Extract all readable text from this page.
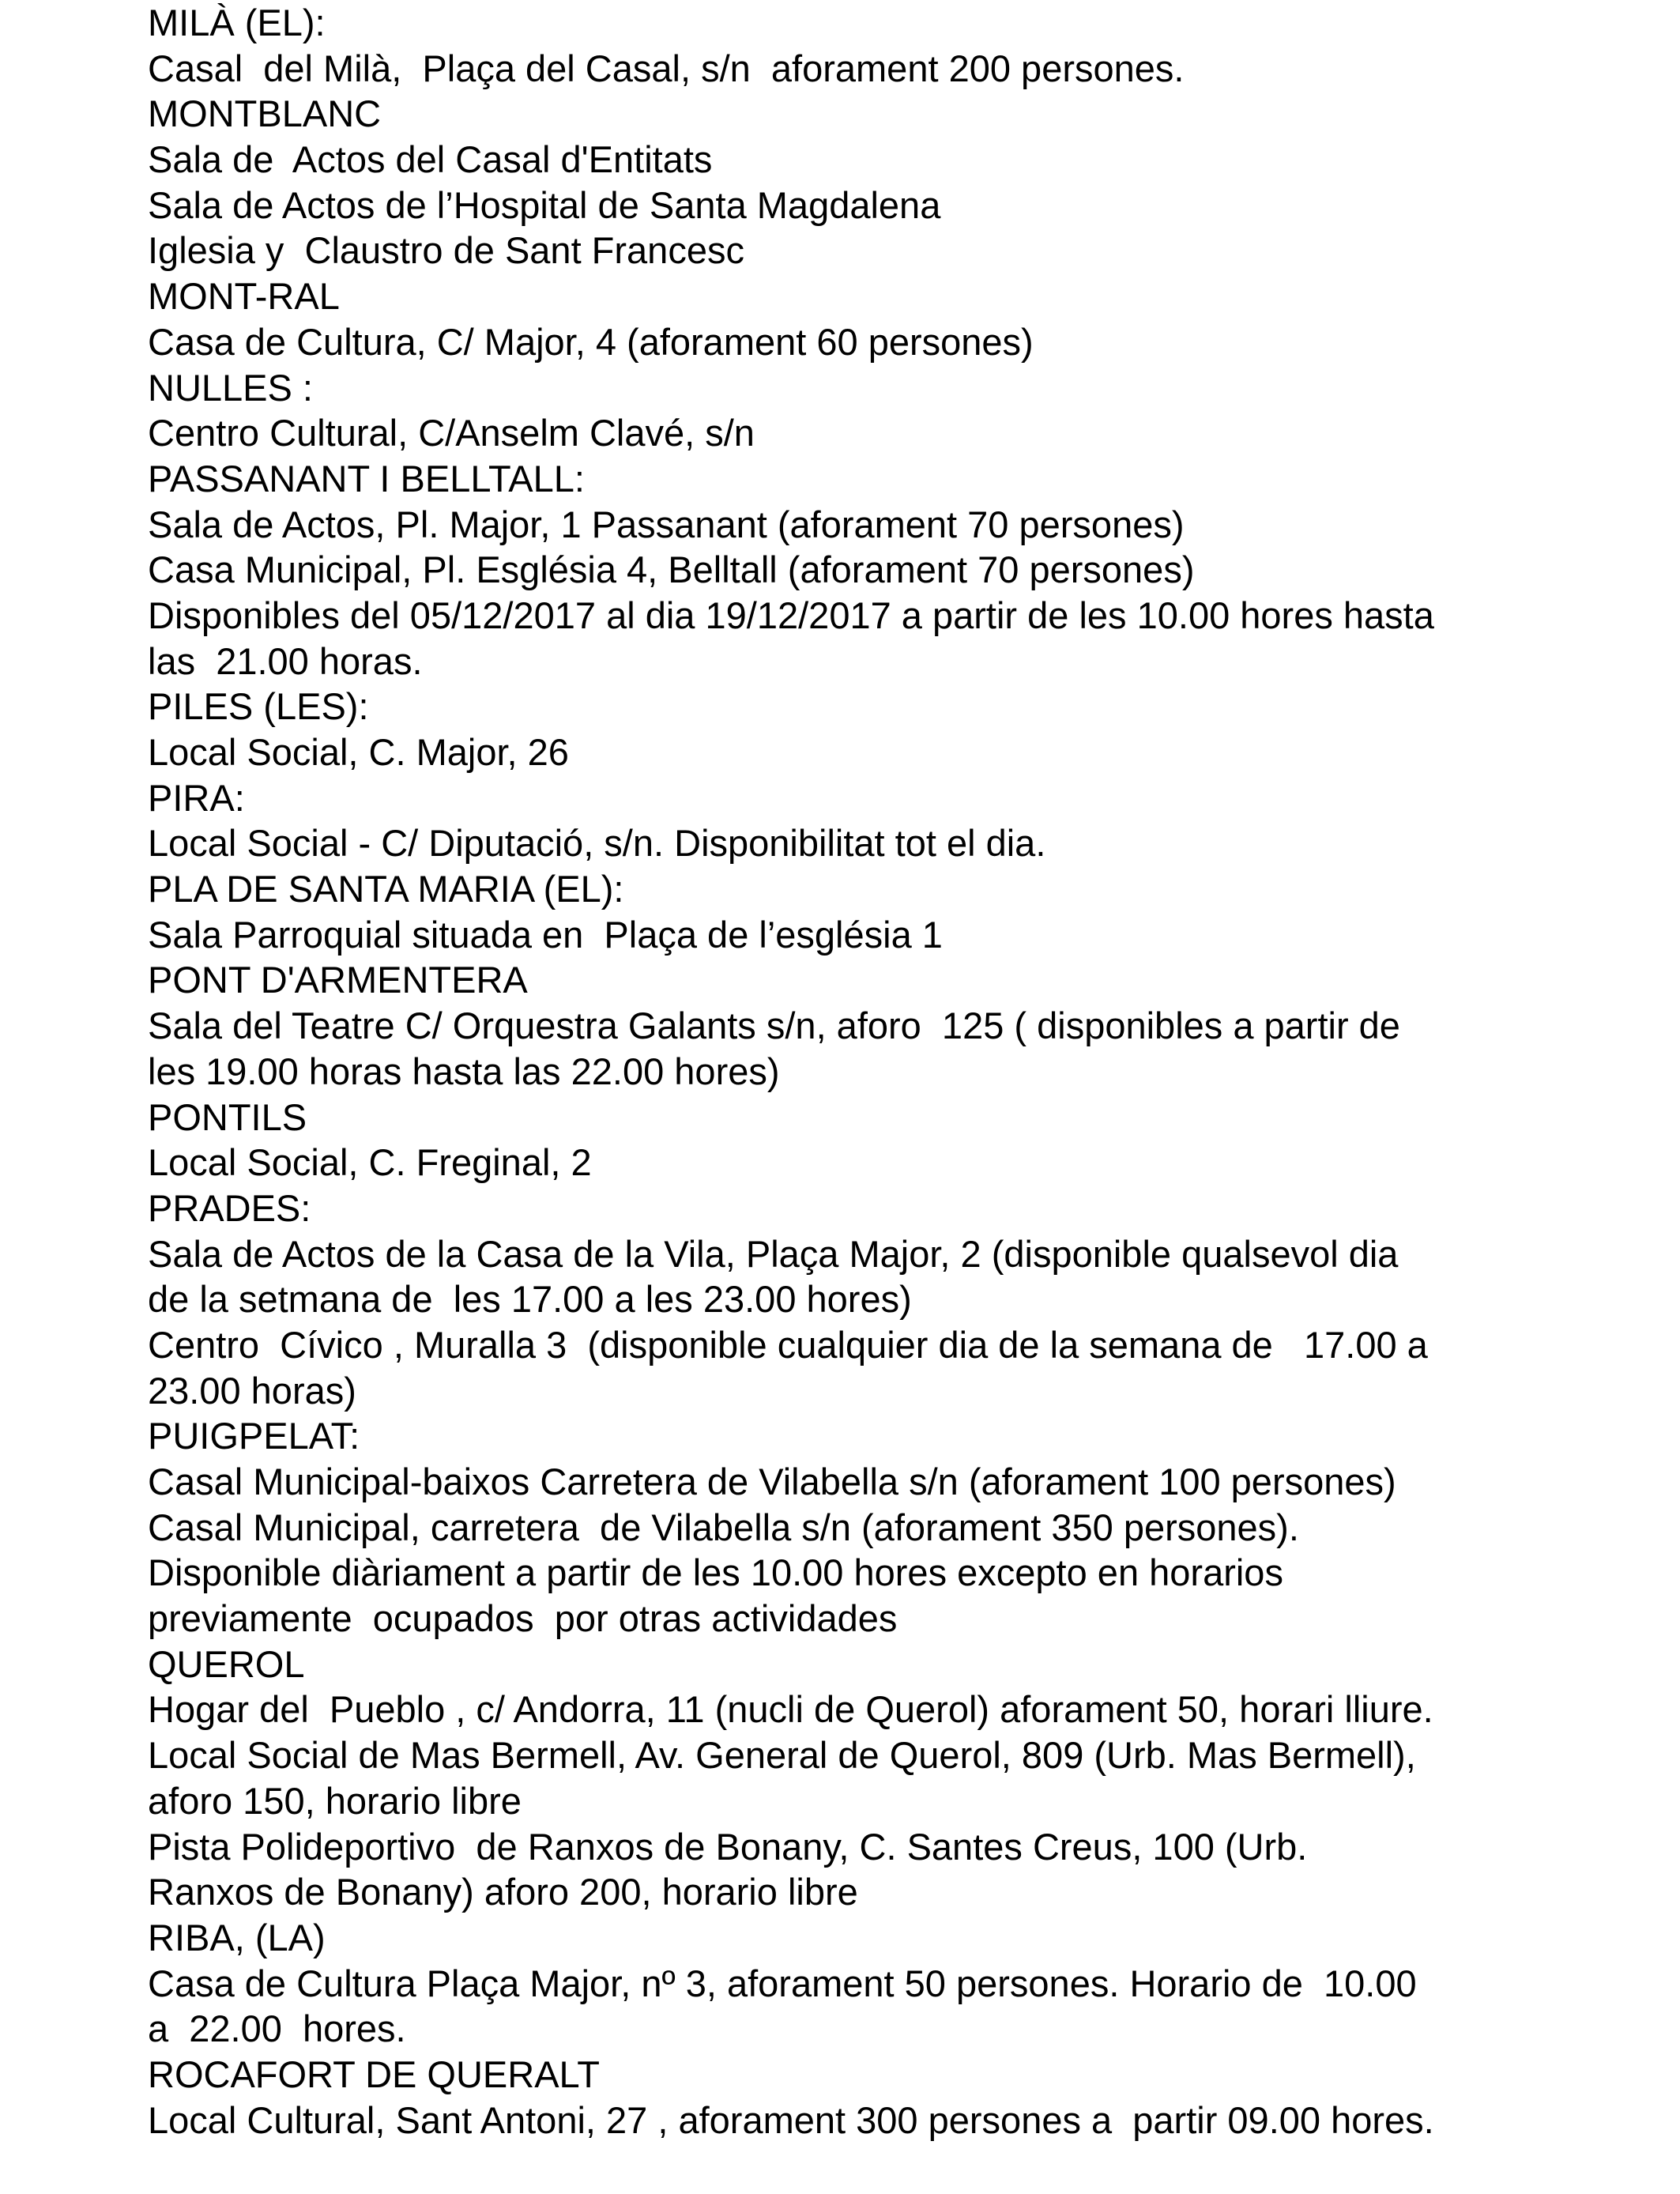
MILÀ (EL):
Casal  del Milà,  Plaça del Casal, s/n  aforament 200 persones.
MONTBLANC
Sala de  Actos del Casal d'Entitats
Sala de Actos de l’Hospital de Santa Magdalena
Iglesia y  Claustro de Sant Francesc
MONT-RAL
Casa de Cultura, C/ Major, 4 (aforament 60 persones)
NULLES :
Centro Cultural, C/Anselm Clavé, s/n
PASSANANT I BELLTALL:
Sala de Actos, Pl. Major, 1 Passanant (aforament 70 persones)
Casa Municipal, Pl. Església 4, Belltall (aforament 70 persones)
Disponibles del 05/12/2017 al dia 19/12/2017 a partir de les 10.00 hores hasta
las  21.00 horas.
PILES (LES):
Local Social, C. Major, 26
PIRA:
Local Social - C/ Diputació, s/n. Disponibilitat tot el dia.
PLA DE SANTA MARIA (EL):
Sala Parroquial situada en  Plaça de l’església 1
PONT D'ARMENTERA
Sala del Teatre C/ Orquestra Galants s/n, aforo  125 ( disponibles a partir de
les 19.00 horas hasta las 22.00 hores)
PONTILS
Local Social, C. Freginal, 2
PRADES:
Sala de Actos de la Casa de la Vila, Plaça Major, 2 (disponible qualsevol dia
de la setmana de  les 17.00 a les 23.00 hores)
Centro  Cívico , Muralla 3  (disponible cualquier dia de la semana de   17.00 a
23.00 horas)
PUIGPELAT:
Casal Municipal-baixos Carretera de Vilabella s/n (aforament 100 persones)
Casal Municipal, carretera  de Vilabella s/n (aforament 350 persones).
Disponible diàriament a partir de les 10.00 hores excepto en horarios
previamente  ocupados  por otras actividades
QUEROL
Hogar del  Pueblo , c/ Andorra, 11 (nucli de Querol) aforament 50, horari lliure.
Local Social de Mas Bermell, Av. General de Querol, 809 (Urb. Mas Bermell),
aforo 150, horario libre
Pista Polideportivo  de Ranxos de Bonany, C. Santes Creus, 100 (Urb.
Ranxos de Bonany) aforo 200, horario libre
RIBA, (LA)
Casa de Cultura Plaça Major, nº 3, aforament 50 persones. Horario de  10.00
a  22.00  hores.
ROCAFORT DE QUERALT
Local Cultural, Sant Antoni, 27 , aforament 300 persones a  partir 09.00 hores.
